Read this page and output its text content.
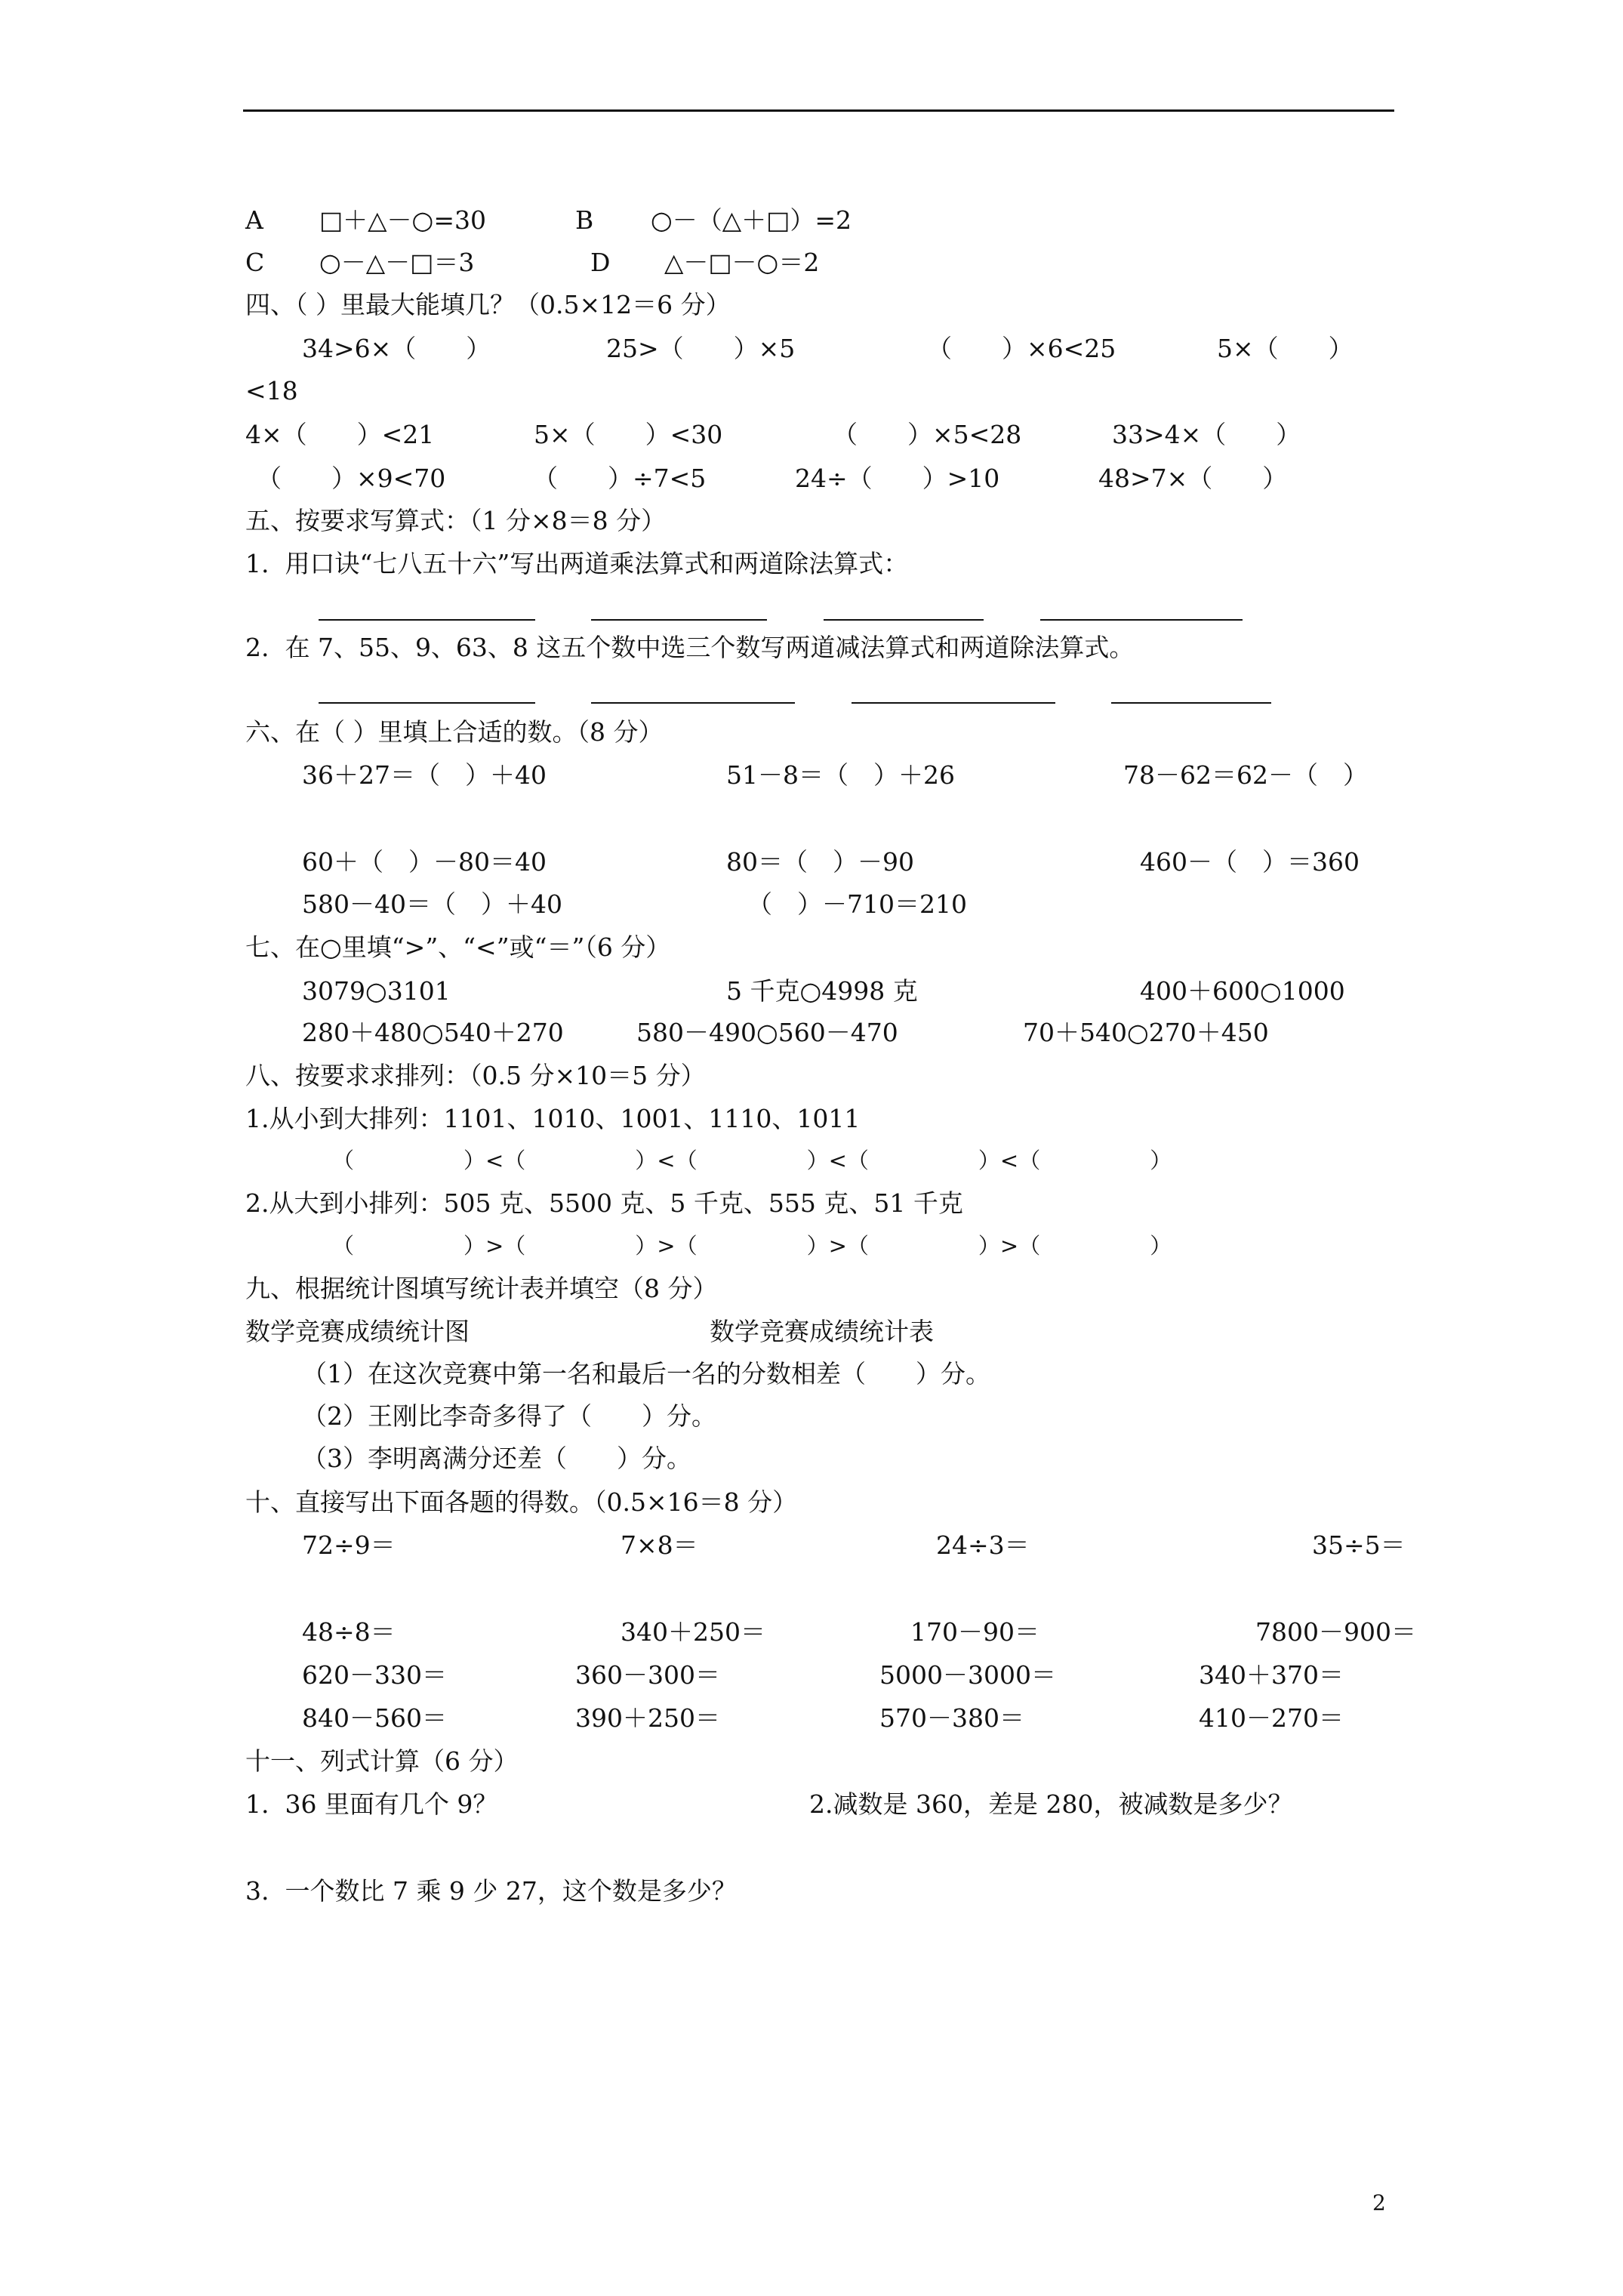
A □＋△－○=30	B ○－（△＋□）=2
C ○－△－□＝3	D △－□－○＝2
四、（ ）里最大能填几？（0.5×12＝6 分）
34>6×（　　）	25>（　　）×5	（　　）×6<25	5×（　　）
<18
4×（　　）<21	5×（　　）<30	（　　）×5<28	33>4×（　　）
（　　）×9<70	（　　）÷7<5	24÷（　　）>10	48>7×（　　）
五、按要求写算式：（1 分×8＝8 分）
1.  用口诀“七八五十六”写出两道乘法算式和两道除法算式：
2.  在 7、55、9、63、8 这五个数中选三个数写两道减法算式和两道除法算式。
六、在（ ）里填上合适的数。（8 分）
36＋27＝（　）＋40	51－8＝（　）＋26	78－62＝62－（　）
60＋（　）－80＝40	80＝（　）－90	460－（　）＝360
580－40＝（　）＋40	（　）－710＝210
七、在○里填“>”、“<”或“＝”（6 分）
3079○3101	5 千克○4998 克	400＋600○1000
280＋480○540＋270	580－490○560－470	70＋540○270＋450
八、按要求求排列：（0.5 分×10＝5 分）
1.从小到大排列：1101、1010、1001、1110、1011
（　　　　　）<（　　　　　）<（　　　　　）<（　　　　　）<（　　　　　）
2.从大到小排列：505 克、5500 克、5 千克、555 克、51 千克
（　　　　　）>（　　　　　）>（　　　　　）>（　　　　　）>（　　　　　）
九、根据统计图填写统计表并填空（8 分）
数学竞赛成绩统计图	数学竞赛成绩统计表
（1）在这次竞赛中第一名和最后一名的分数相差（　　）分。
（2）王刚比李奇多得了（　　）分。
（3）李明离满分还差（　　）分。
十、直接写出下面各题的得数。（0.5×16＝8 分）
72÷9＝	7×8＝	24÷3＝	35÷5＝
48÷8＝	340＋250＝	170－90＝	7800－900＝
620－330＝	360－300＝	5000－3000＝	340＋370＝
840－560＝	390＋250＝	570－380＝	410－270＝
十一、列式计算（6 分）
1.  36 里面有几个 9？	2.减数是 360，差是 280，被减数是多少？
3.  一个数比 7 乘 9 少 27，这个数是多少？
2
